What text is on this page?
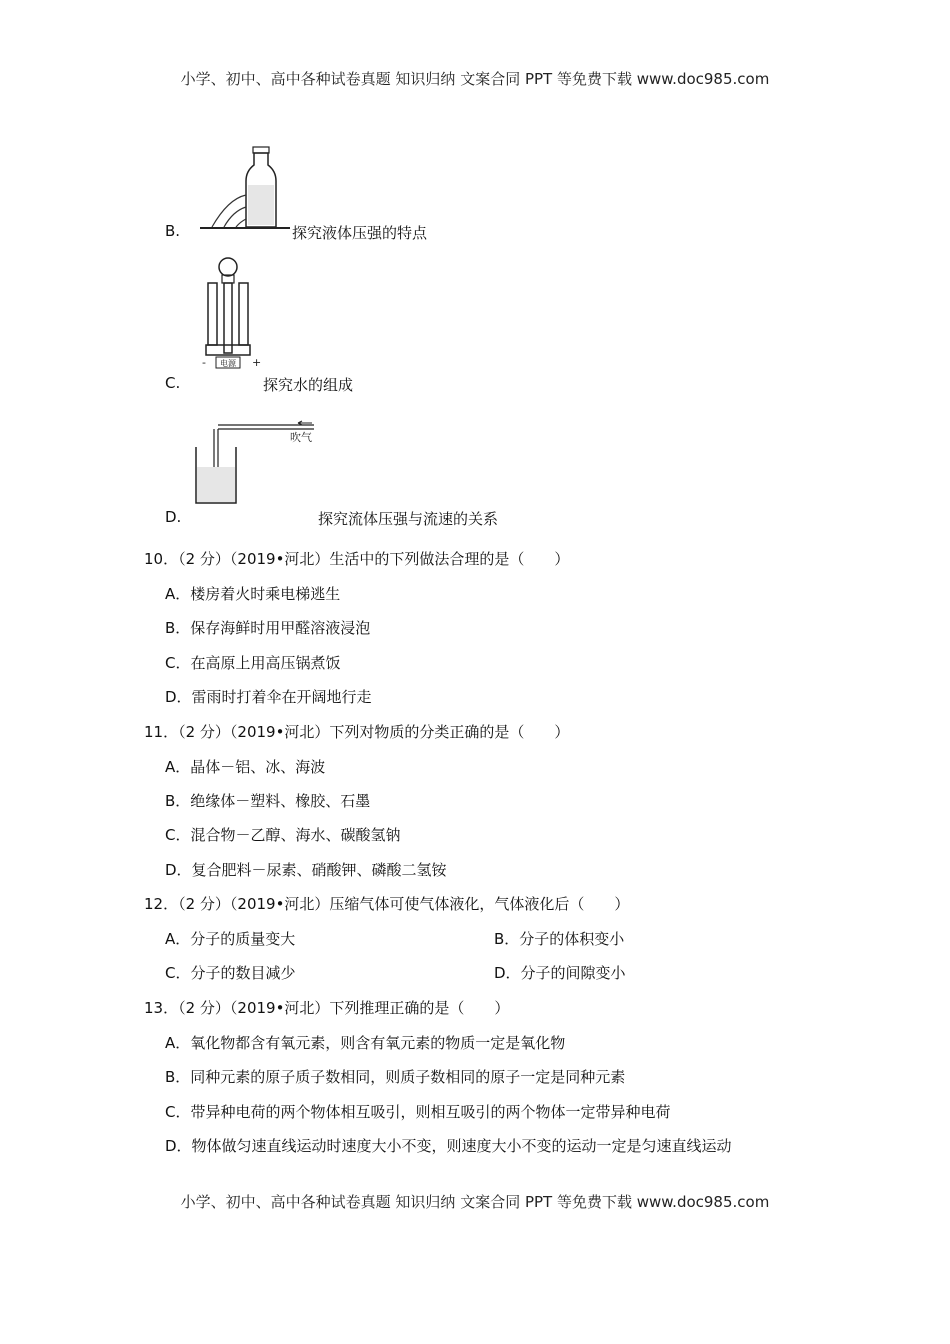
小学、初中、高中各种试卷真题 知识归纳 文案合同 PPT 等免费下载 www.doc985.com
B.	探究液体压强的特点
电源
-	+
C.	探究水的组成
吹气
D.	探究流体压强与流速的关系
10．（2 分）（2019•河北）生活中的下列做法合理的是（　　）
A．楼房着火时乘电梯逃生
B．保存海鲜时用甲醛溶液浸泡
C．在高原上用高压锅煮饭
D．雷雨时打着伞在开阔地行走
11．（2 分）（2019•河北）下列对物质的分类正确的是（　　）
A．晶体－铝、冰、海波
B．绝缘体－塑料、橡胶、石墨
C．混合物－乙醇、海水、碳酸氢钠
D．复合肥料－尿素、硝酸钾、磷酸二氢铵
12．（2 分）（2019•河北）压缩气体可使气体液化，气体液化后（　　）
A．分子的质量变大	B．分子的体积变小
C．分子的数目减少	D．分子的间隙变小
13．（2 分）（2019•河北）下列推理正确的是（　　）
A．氧化物都含有氧元素，则含有氧元素的物质一定是氧化物
B．同种元素的原子质子数相同，则质子数相同的原子一定是同种元素
C．带异种电荷的两个物体相互吸引，则相互吸引的两个物体一定带异种电荷
D．物体做匀速直线运动时速度大小不变，则速度大小不变的运动一定是匀速直线运动
小学、初中、高中各种试卷真题 知识归纳 文案合同 PPT 等免费下载 www.doc985.com
